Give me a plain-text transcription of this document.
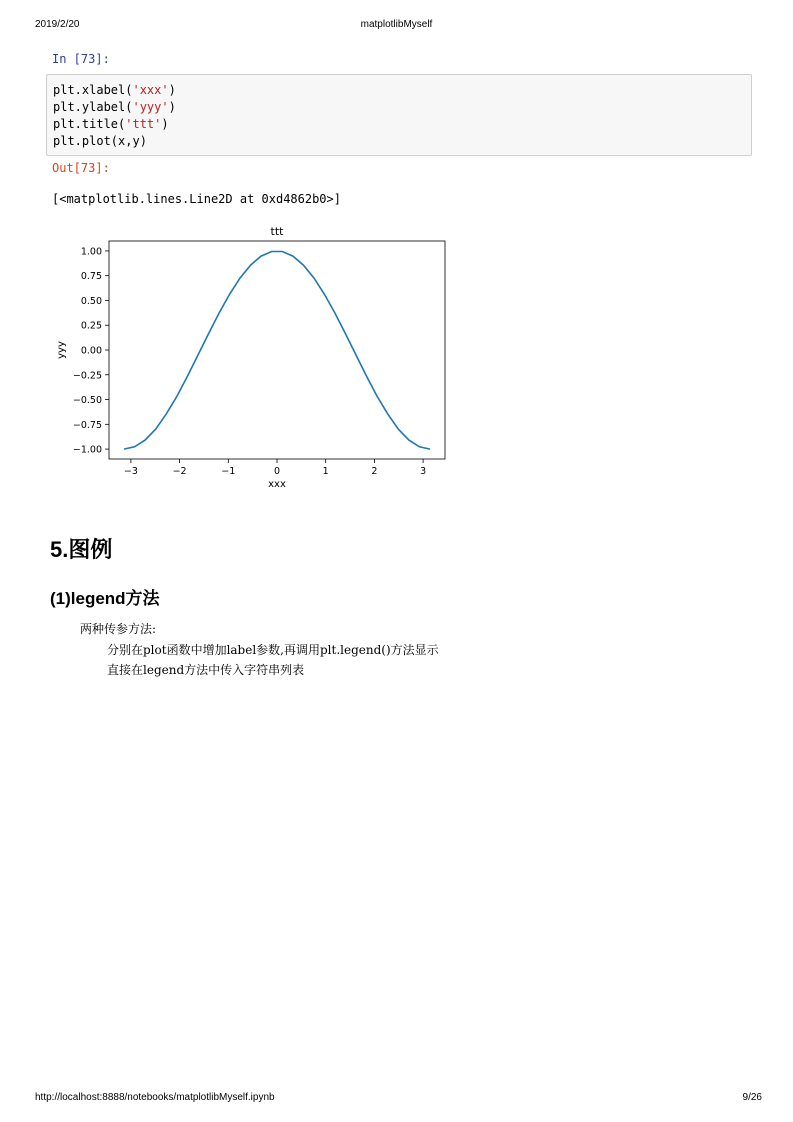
2019/2/20	matplotlibMyself
In [73]:
plt.xlabel('xxx')
plt.ylabel('yyy')
plt.title('ttt')
plt.plot(x,y)
Out[73]:
[<matplotlib.lines.Line2D at 0xd4862b0>]
−3	−2	−1	0	1	2	3
1.00
0.75
0.50
0.25
0.00
−0.25
−0.50
−0.75
−1.00
ttt
xxx
yyy
5.图例
(1)legend方法
两种传参方法:
分别在plot函数中增加label参数,再调用plt.legend()方法显示
直接在legend方法中传入字符串列表
http://localhost:8888/notebooks/matplotlibMyself.ipynb	9/26
